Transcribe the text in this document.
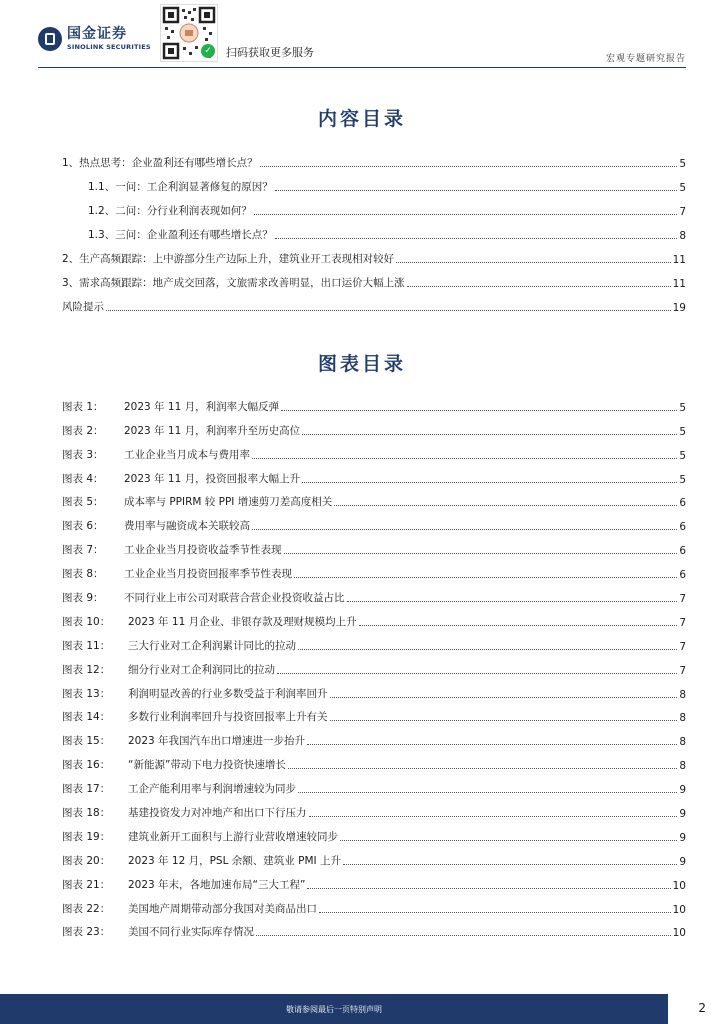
国金证券
SINOLINK SECURITIES	✓ 扫码获取更多服务	宏观专题研究报告
内容目录
1、热点思考：企业盈利还有哪些增长点？	5
1.1、一问：工企利润显著修复的原因？	5
1.2、二问：分行业利润表现如何？	7
1.3、三问：企业盈利还有哪些增长点？	8
2、生产高频跟踪：上中游部分生产边际上升，建筑业开工表现相对较好	11
3、需求高频跟踪：地产成交回落，文旅需求改善明显，出口运价大幅上涨	11
风险提示	19
图表目录
图表 1：	2023 年 11 月，利润率大幅反弹	5
图表 2：	2023 年 11 月，利润率升至历史高位	5
图表 3：	工业企业当月成本与费用率	5
图表 4：	2023 年 11 月，投资回报率大幅上升	5
图表 5：	成本率与 PPIRM 较 PPI 增速剪刀差高度相关	6
图表 6：	费用率与融资成本关联较高	6
图表 7：	工业企业当月投资收益季节性表现	6
图表 8：	工业企业当月投资回报率季节性表现	6
图表 9：	不同行业上市公司对联营合营企业投资收益占比	7
图表 10：	2023 年 11 月企业、非银存款及理财规模均上升	7
图表 11：	三大行业对工企利润累计同比的拉动	7
图表 12：	细分行业对工企利润同比的拉动	7
图表 13：	利润明显改善的行业多数受益于利润率回升	8
图表 14：	多数行业利润率回升与投资回报率上升有关	8
图表 15：	2023 年我国汽车出口增速进一步抬升	8
图表 16：	“新能源”带动下电力投资快速增长	8
图表 17：	工企产能利用率与利润增速较为同步	9
图表 18：	基建投资发力对冲地产和出口下行压力	9
图表 19：	建筑业新开工面积与上游行业营收增速较同步	9
图表 20：	2023 年 12 月，PSL 余额、建筑业 PMI 上升	9
图表 21：	2023 年末，各地加速布局“三大工程”	10
图表 22：	美国地产周期带动部分我国对美商品出口	10
图表 23：	美国不同行业实际库存情况	10
敬请参阅最后一页特别声明	2
